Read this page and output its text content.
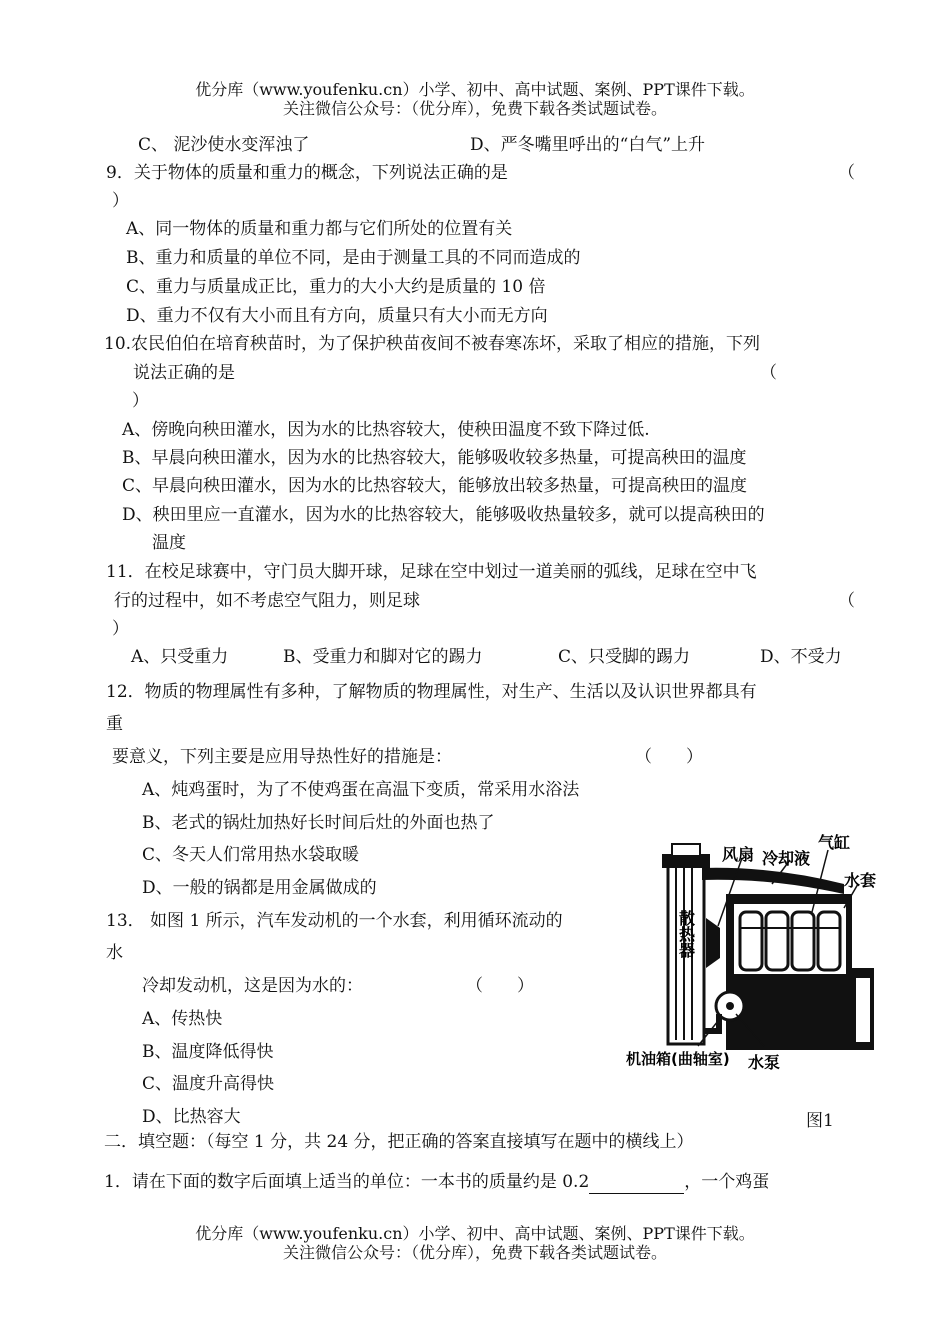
优分库（www.youfenku.cn）小学、初中、高中试题、案例、PPT课件下载。
关注微信公众号：（优分库），免费下载各类试题试卷。
C、 泥沙使水变浑浊了	D、严冬嘴里呼出的“白气”上升
9．关于物体的质量和重力的概念，下列说法正确的是	（
）
A、同一物体的质量和重力都与它们所处的位置有关
B、重力和质量的单位不同，是由于测量工具的不同而造成的
C、重力与质量成正比，重力的大小大约是质量的 10 倍
D、重力不仅有大小而且有方向，质量只有大小而无方向
10.农民伯伯在培育秧苗时，为了保护秧苗夜间不被春寒冻坏，采取了相应的措施，下列
说法正确的是	（
）
A、傍晚向秧田灌水，因为水的比热容较大，使秧田温度不致下降过低.
B、早晨向秧田灌水，因为水的比热容较大，能够吸收较多热量，可提高秧田的温度
C、早晨向秧田灌水，因为水的比热容较大，能够放出较多热量，可提高秧田的温度
D、秧田里应一直灌水，因为水的比热容较大，能够吸收热量较多，就可以提高秧田的
温度
11．在校足球赛中，守门员大脚开球，足球在空中划过一道美丽的弧线，足球在空中飞
行的过程中，如不考虑空气阻力，则足球	（
）
A、只受重力	B、受重力和脚对它的踢力	C、只受脚的踢力	D、不受力
12．物质的物理属性有多种，了解物质的物理属性，对生产、生活以及认识世界都具有
重
要意义，下列主要是应用导热性好的措施是：	（　　）
A、炖鸡蛋时，为了不使鸡蛋在高温下变质，常采用水浴法
B、老式的锅灶加热好长时间后灶的外面也热了
C、冬天人们常用热水袋取暖
D、一般的锅都是用金属做成的
13． 如图 1 所示，汽车发动机的一个水套，利用循环流动的
水
冷却发动机，这是因为水的：	（　　）
A、传热快
B、温度降低得快
C、温度升高得快
D、比热容大
风扇 冷却液
气缸
水套
散热器
机油箱(曲轴室) 水泵
图1
二．填空题：（每空 1 分，共 24 分，把正确的答案直接填写在题中的横线上）
1．请在下面的数字后面填上适当的单位：一本书的质量约是 0.2	，一个鸡蛋
优分库（www.youfenku.cn）小学、初中、高中试题、案例、PPT课件下载。
关注微信公众号：（优分库），免费下载各类试题试卷。
